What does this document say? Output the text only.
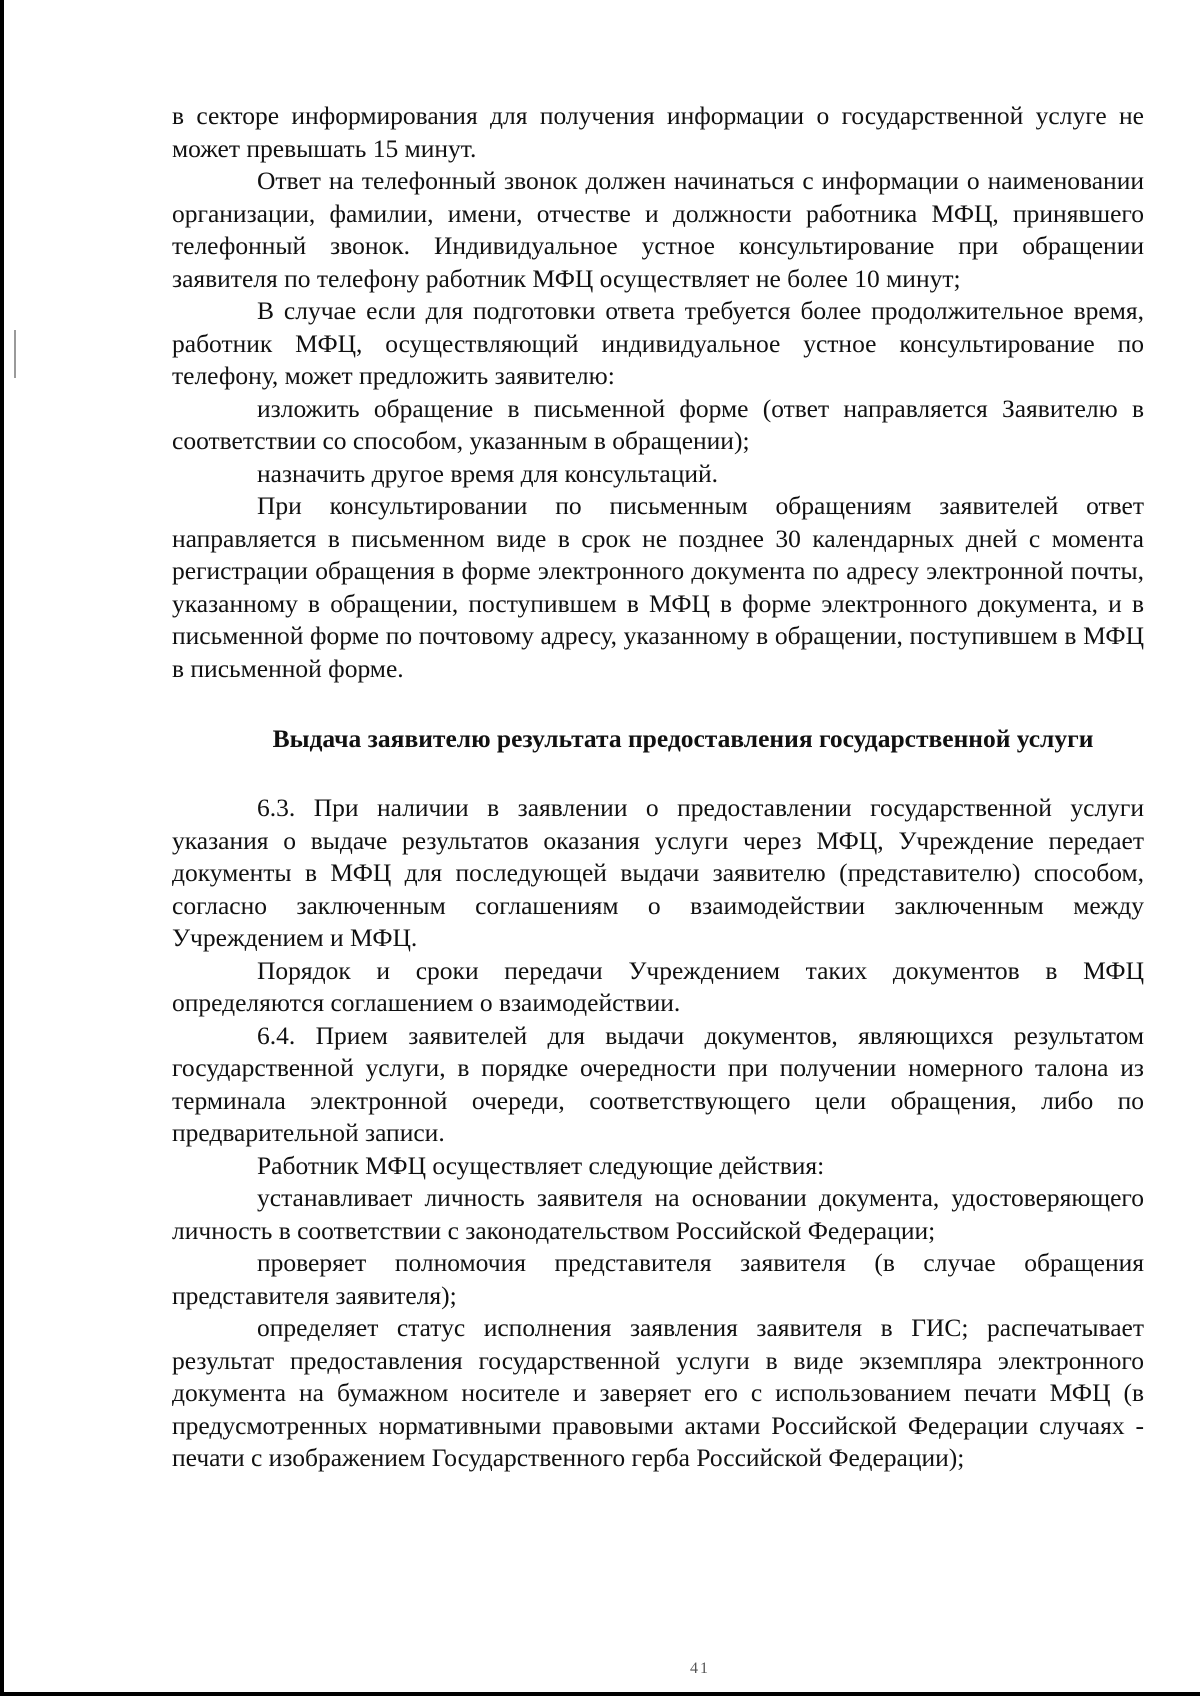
в секторе информирования для получения информации о государственной услуге не может превышать 15 минут.

Ответ на телефонный звонок должен начинаться с информации о наименовании организации, фамилии, имени, отчестве и должности работника МФЦ, принявшего телефонный звонок. Индивидуальное устное консультирование при обращении заявителя по телефону работник МФЦ осуществляет не более 10 минут;

В случае если для подготовки ответа требуется более продолжительное время, работник МФЦ, осуществляющий индивидуальное устное консультирование по телефону, может предложить заявителю:

изложить обращение в письменной форме (ответ направляется Заявителю в соответствии со способом, указанным в обращении);

назначить другое время для консультаций.

При консультировании по письменным обращениям заявителей ответ направляется в письменном виде в срок не позднее 30 календарных дней с момента регистрации обращения в форме электронного документа по адресу электронной почты, указанному в обращении, поступившем в МФЦ в форме электронного документа, и в письменной форме по почтовому адресу, указанному в обращении, поступившем в МФЦ в письменной форме.

Выдача заявителю результата предоставления государственной услуги

6.3. При наличии в заявлении о предоставлении государственной услуги указания о выдаче результатов оказания услуги через МФЦ, Учреждение передает документы в МФЦ для последующей выдачи заявителю (представителю) способом, согласно заключенным соглашениям о взаимодействии заключенным между Учреждением и МФЦ.

Порядок и сроки передачи Учреждением таких документов в МФЦ определяются соглашением о взаимодействии.

6.4. Прием заявителей для выдачи документов, являющихся результатом государственной услуги, в порядке очередности при получении номерного талона из терминала электронной очереди, соответствующего цели обращения, либо по предварительной записи.

Работник МФЦ осуществляет следующие действия:

устанавливает личность заявителя на основании документа, удостоверяющего личность в соответствии с законодательством Российской Федерации;

проверяет полномочия представителя заявителя (в случае обращения представителя заявителя);

определяет статус исполнения заявления заявителя в ГИС; распечатывает результат предоставления государственной услуги в виде экземпляра электронного документа на бумажном носителе и заверяет его с использованием печати МФЦ (в предусмотренных нормативными правовыми актами Российской Федерации случаях - печати с изображением Государственного герба Российской Федерации);

41
